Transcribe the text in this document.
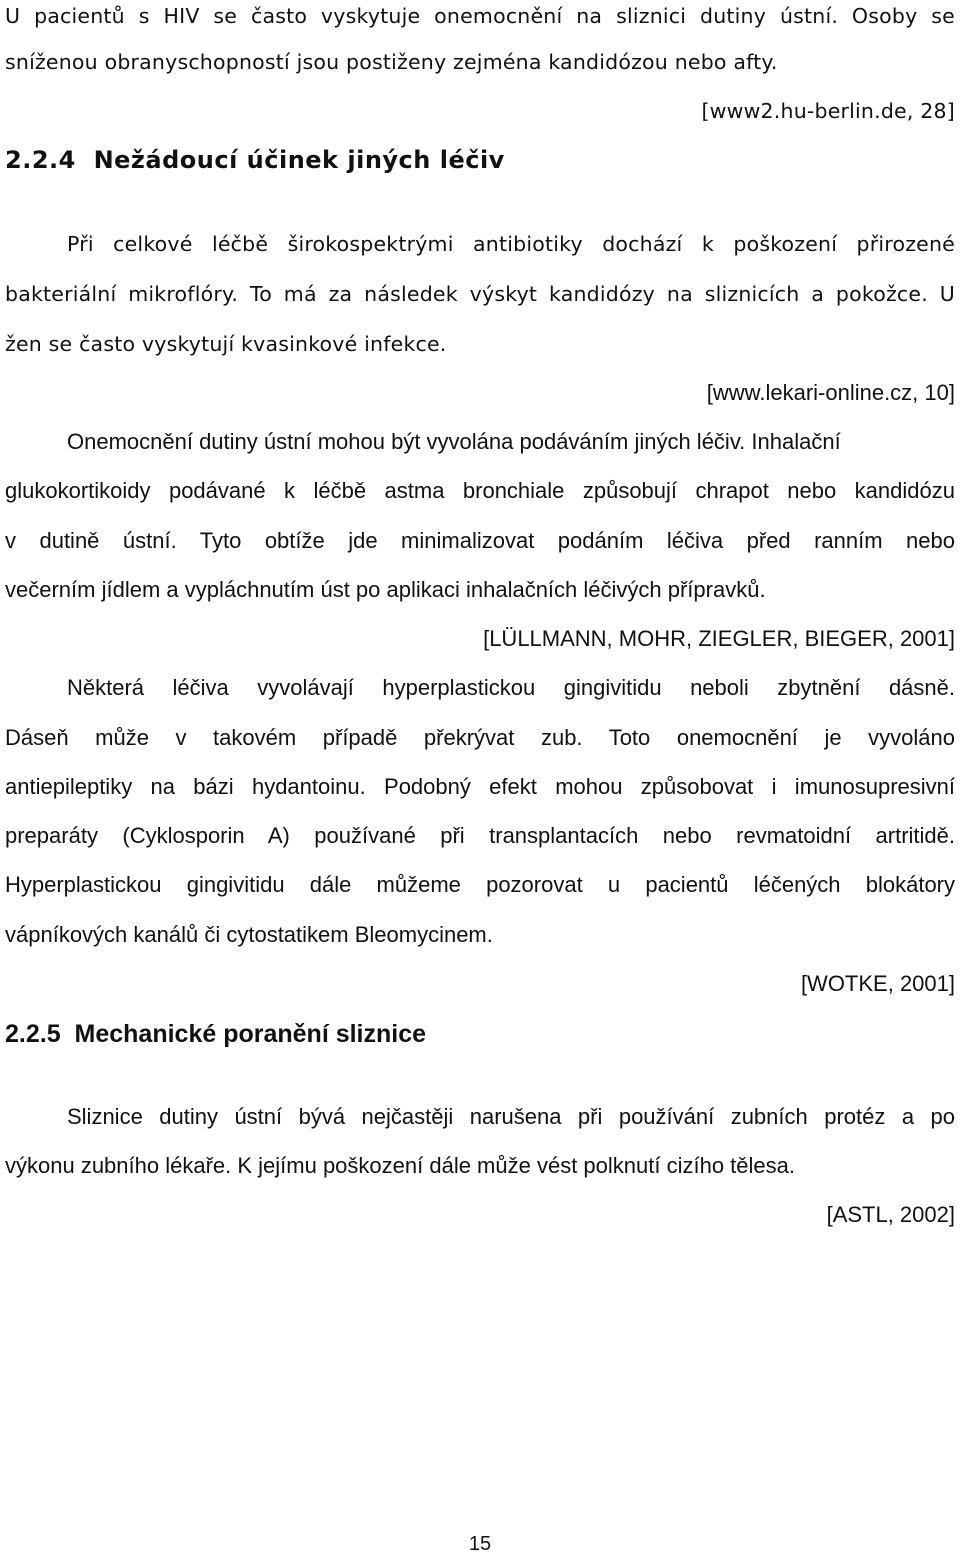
U pacientů s HIV se často vyskytuje onemocnění na sliznici dutiny ústní. Osoby se

sníženou obranyschopností jsou postiženy zejména kandidózou nebo afty.

[www2.hu-berlin.de, 28]

2.2.4 Nežádoucí účinek jiných léčiv

Při celkové léčbě širokospektrými antibiotiky dochází k poškození přirozené

bakteriální mikroflóry. To má za následek výskyt kandidózy na sliznicích a pokožce. U

žen se často vyskytují kvasinkové infekce.

[www.lekari-online.cz, 10]

Onemocnění dutiny ústní mohou být vyvolána podáváním jiných léčiv. Inhalační

glukokortikoidy podávané k léčbě astma bronchiale způsobují chrapot nebo kandidózu

v dutině ústní. Tyto obtíže jde minimalizovat podáním léčiva před ranním nebo

večerním jídlem a vypláchnutím úst po aplikaci inhalačních léčivých přípravků.

[LÜLLMANN, MOHR, ZIEGLER, BIEGER, 2001]

Některá léčiva vyvolávají hyperplastickou gingivitidu neboli zbytnění dásně.

Dáseň může v takovém případě překrývat zub. Toto onemocnění je vyvoláno

antiepileptiky na bázi hydantoinu. Podobný efekt mohou způsobovat i imunosupresivní

preparáty (Cyklosporin A) používané při transplantacích nebo revmatoidní artritidě.

Hyperplastickou gingivitidu dále můžeme pozorovat u pacientů léčených blokátory

vápníkových kanálů či cytostatikem Bleomycinem.

[WOTKE, 2001]

2.2.5 Mechanické poranění sliznice

Sliznice dutiny ústní bývá nejčastěji narušena při používání zubních protéz a po

výkonu zubního lékaře. K jejímu poškození dále může vést polknutí cizího tělesa.

[ASTL, 2002]

15
